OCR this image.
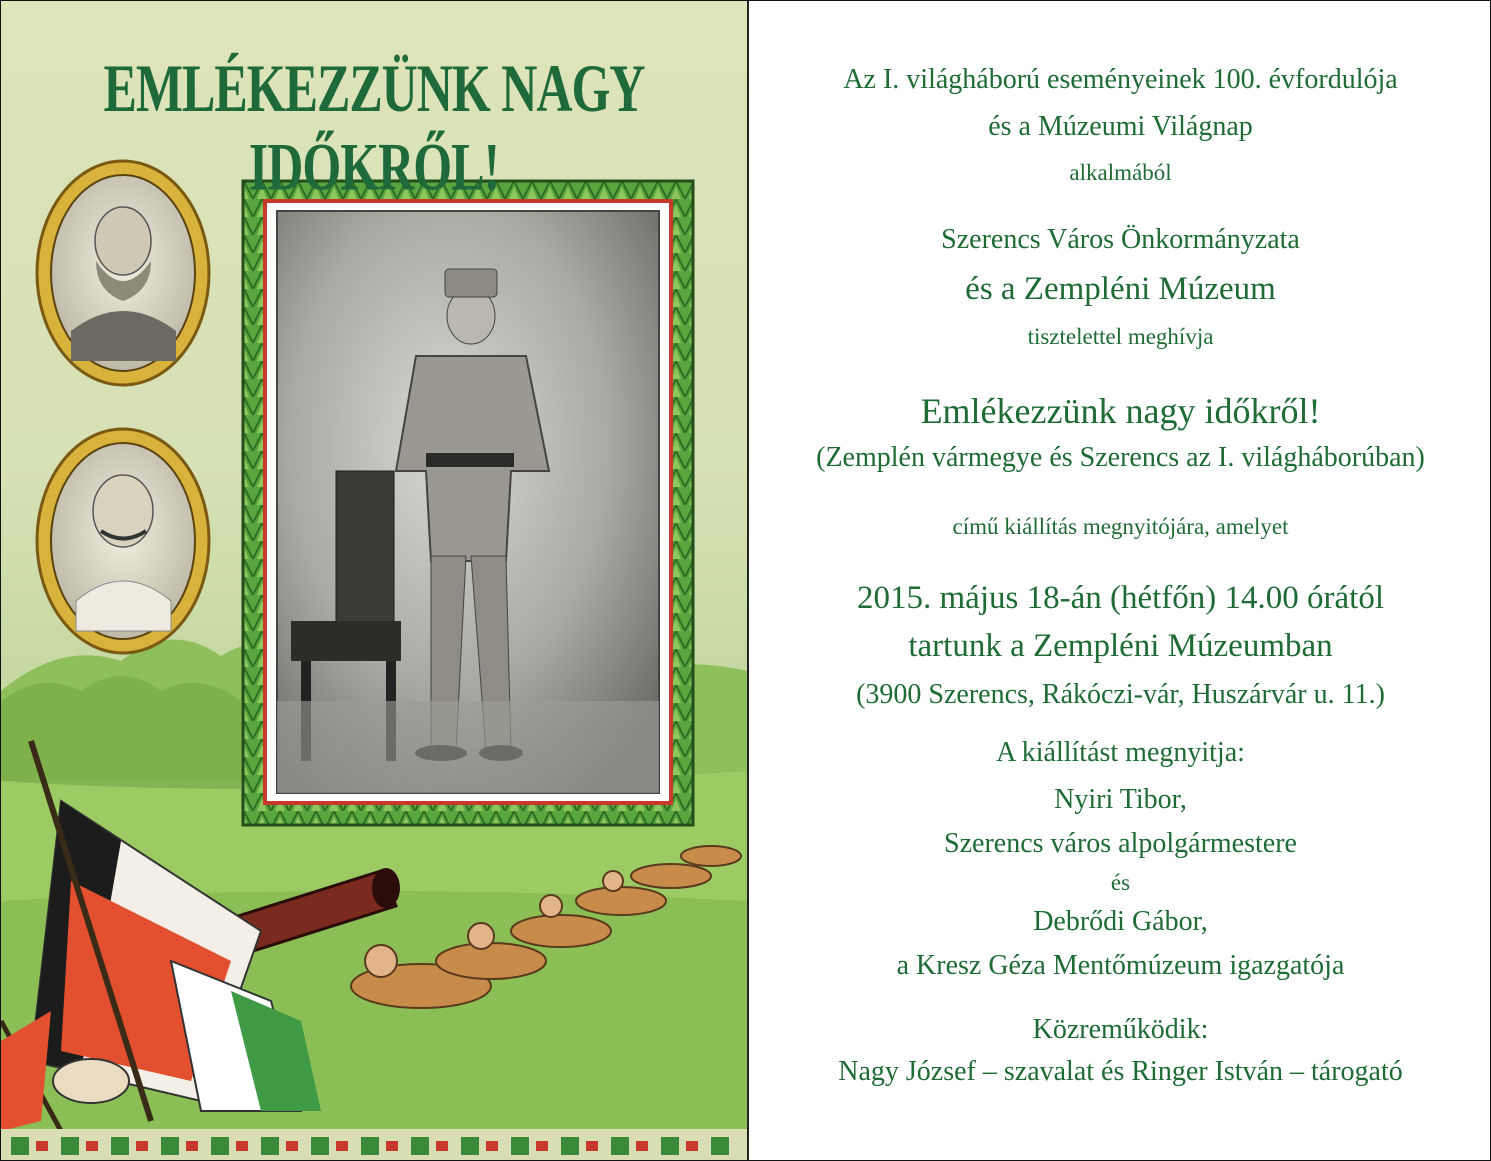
EMLÉKEZZÜNK NAGY IDŐKRŐL!
Az I. világháború eseményeinek 100. évfordulója
és a Múzeumi Világnap
alkalmából
Szerencs Város Önkormányzata
és a Zempléni Múzeum
tisztelettel meghívja
Emlékezzünk nagy időkről!
(Zemplén vármegye és Szerencs az I. világháborúban)
című kiállítás megnyitójára, amelyet
2015. május 18-án (hétfőn) 14.00 órától
tartunk a Zempléni Múzeumban
(3900 Szerencs, Rákóczi-vár, Huszárvár u. 11.)
A kiállítást megnyitja:
Nyiri Tibor,
Szerencs város alpolgármestere
és
Debrődi Gábor,
a Kresz Géza Mentőmúzeum igazgatója
Közreműködik:
Nagy József – szavalat és Ringer István – tárogató
